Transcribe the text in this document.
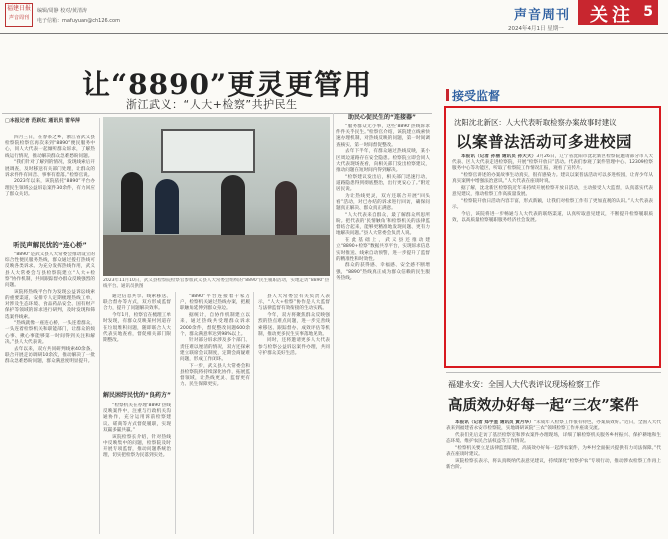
福建日报
声音周刊
编辑/周静 校对/黄清涛
电子信箱：mafuyuan@ch126.com	声音周刊 关注 5
2024年4月1日 星期一
让“8890”更灵更管用
浙江武义：“人大+检察”共护民生
□本报记者 范跃红 通讯员 雷华萍

四月三日，在春茶之乡，浙江省武义县检察院检察官再次来到“8890”便民服务中心，同人大代表一起倾听群众诉求，了解热线运行情况，推动解决群众急难愁盼问题。

“我们针对了解到的情况，发现线索后开展调查，及时移送有关部门处理，让群众的诉求件件有回音、事事有着落。”检察官说。

2023年以来，该院依托“8890”平台办理民生领域公益诉讼案件30余件，有力回应了群众关切。

听民声解民忧的“连心桥”

“8890”是武义县人大常委会推动设立的综合性便民服务热线，群众通过拨打热线可反映各类诉求。为充分发挥热线作用，武义县人大常委会与县检察院建立“人大+检察”协作机制，共同跟踪督办群众反映强烈的问题。

该院将热线平台作为发现公益诉讼线索的重要渠道，安排专人定期梳理热线工单，对涉及生态环境、食品药品安全、国有财产保护等领域的诉求进行研判，及时发现和筛选案件线索。

“热线就像一座连心桥，一头连着群众，一头连着检察机关和职能部门，让群众的烦心事、揪心事能够第一时间得到关注和解决。”县人大代表说。

去年以来，双方共同研判线索40余条，联合开展走访调研10余次，推动解决了一批群众急难愁盼问题，群众满意度明显提升。

2023年11月10日，武义县检察院检察官参加武义县人大常委会组织的“8890”民生履职活动，实地走访“8890”热线平台。通讯员供图

通过信息共享、线索移送、联合督办等方式，双方形成监督合力，提升了问题解决效率。

今年1月，检察官在梳理工单时发现，有群众反映某村河道存在垃圾堆积问题，随即联合人大代表实地查看，督促相关部门限期整改。

解民困纾民忧的“良药方”

“检察机关在办理‘8890’热线反映案件中，注重与行政机关沟通协作，充分运用诉前检察建议、磋商等方式督促履职，实现双赢多赢共赢。”

该院检察长介绍，针对热线中反映集中的问题，检察院及时开展专项监督，推动问题系统治理，切实把检察为民落到实处。

“8890”平台连接着千家万户，检察机关通过热线办案，把履职触角延伸到群众身边。

据统计，自协作机制建立以来，通过热线共受理群众诉求2000余件，督促整改问题600余个，群众满意率达到98%以上。

针对部分诉求涉及多个部门、责任难以厘清的情况，双方还探索建立联席会议制度，定期会商疑难问题，形成工作闭环。

下一步，武义县人大常委会和县检察院将持续深化协作，拓展监督领域，让热线更灵、监督更有力、民生保障更实。

县人大常委会有关负责人表示，“人大+检察”协作是人大监督与法律监督有效衔接的生动实践。

今年，双方将聚焦群众反映强烈的热点难点问题，进一步完善线索移送、跟踪督办、成效评估等机制，推动更多民生实事落地见效。

同时，还将邀请更多人大代表参与检察公益诉讼案件办理，共同守护群众美好生活。

助民心促民生的“连接器”

“服务群众无小事，这些‘8890’热线诉求件件关乎民生。”检察官介绍，该院建立线索快速办理机制，对热线反映的问题，第一时间调查核实、第一时间督促整改。

去年下半年，有群众通过热线反映，某小区周边道路存在安全隐患。检察院立即会同人大代表现场查看，向相关部门发出检察建议，推动问题在短时间内得到解决。

“检察建议发出后，相关部门迅速行动，道路隐患得到彻底整治，出行更安心了。”附近居民说。

为让热线更灵，双方还联合开展“回头看”活动，对已办结的诉求进行回访，确保问题真正解决、群众真正满意。

“人大代表来自群众，最了解群众所思所盼。把代表的‘民情触角’和检察机关的法律监督结合起来，能够更精准地发现问题、更有力地解决问题。”县人大常委会负责人说。

在此基础上，武义县还推动建立“8890+检察”数据共享平台，实现诉求信息实时推送、线索自动预警，进一步提升了监督的精准性和时效性。

群众的获得感、幸福感、安全感不断增强，“8890”热线真正成为群众信赖的民生服务热线。

接受监督
沈阳沈北新区：人大代表听取检察办案故事时建议
以案普法活动可多进校园

本报讯（记者 孙丽 通讯员 孙天天）3月26日，辽宁省沈阳市沈北新区检察院邀请部分市人大代表、区人大代表走进检察院，开展“检察开放日”活动。代表们参观了案件管理中心、12309检察服务中心等功能区，听取了检察院工作情况汇报，观看了宣传片。

“检察官讲述的办案故事生动真实，很有感染力。建议以案普法活动可以多进校园，让青少年从真实案例中增强法治意识。”人大代表在座谈时说。

据了解，沈北新区检察院近年来持续开展检察开放日活动，主动接受人大监督，认真落实代表意见建议，推动检察工作高质量发展。

“检察院开放日活动内容丰富，形式新颖，让我们对检察工作有了更加直观的认识。”人大代表表示。

今后，该院将进一步畅通与人大代表的联络渠道，认真听取意见建议，不断提升检察履职质效，以高质量检察履职服务经济社会发展。

福建永安：全国人大代表评议现场检察工作
高质效办好每一起“三农”案件

本报讯（记者 郑宇星 通讯员 黄月华）“未成年人检察工作很有特色，办案质效好。”近日，全国人大代表来到福建省永安市检察院，实地调研该院“三农”领域检察工作并座谈交流。

代表们先后走访了基层检察室和涉农案件办理现场，详细了解检察机关服务乡村振兴、保护耕地和生态环境、维护农民合法权益等工作情况。

“检察机关要立足法律监督职能，高质效办好每一起涉农案件，为乡村全面振兴提供有力司法保障。”代表在座谈时建议。

该院检察长表示，将认真吸纳代表意见建议，持续深化“检察护农”专项行动，推动涉农检察工作再上新台阶。
